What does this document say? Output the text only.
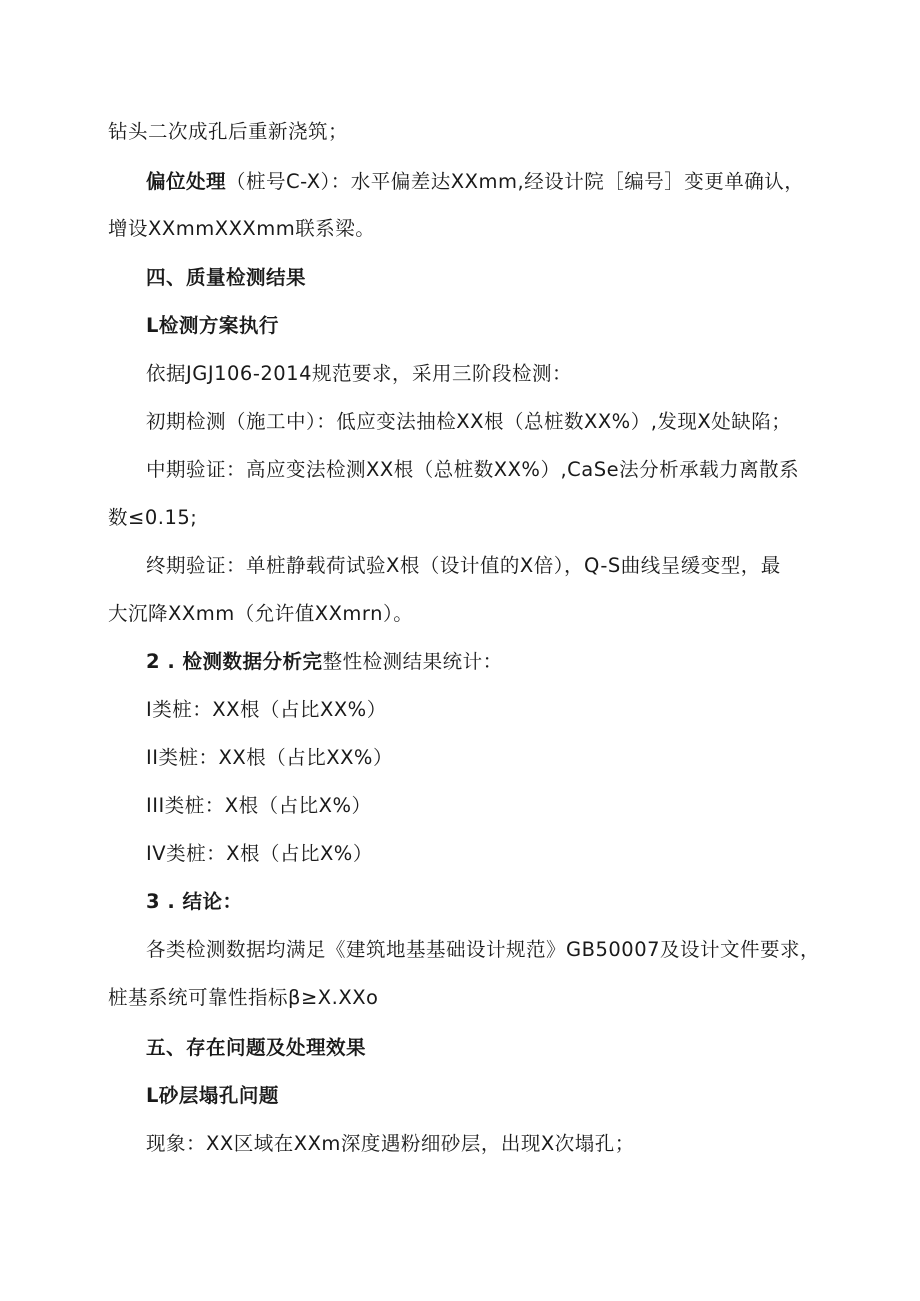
钻头二次成孔后重新浇筑；
偏位处理（桩号C-X）：水平偏差达XXmm,经设计院［编号］变更单确认，
增设XXmmXXXmm联系梁。
四、质量检测结果
L检测方案执行
依据JGJ106-2014规范要求，采用三阶段检测：
初期检测（施工中）：低应变法抽检XX根（总桩数XX%）,发现X处缺陷；
中期验证：高应变法检测XX根（总桩数XX%）,CaSe法分析承载力离散系
数≤0.15;
终期验证：单桩静载荷试验X根（设计值的X倍），Q-S曲线呈缓变型，最
大沉降XXmm（允许值XXmrn）。
2 . 检测数据分析完整性检测结果统计：
I类桩：XX根（占比XX%）
II类桩：XX根（占比XX%）
III类桩：X根（占比X%）
IV类桩：X根（占比X%）
3 . 结论：
各类检测数据均满足《建筑地基基础设计规范》GB50007及设计文件要求，
桩基系统可靠性指标β≥X.XXo
五、存在问题及处理效果
L砂层塌孔问题
现象：XX区域在XXm深度遇粉细砂层，出现X次塌孔；
